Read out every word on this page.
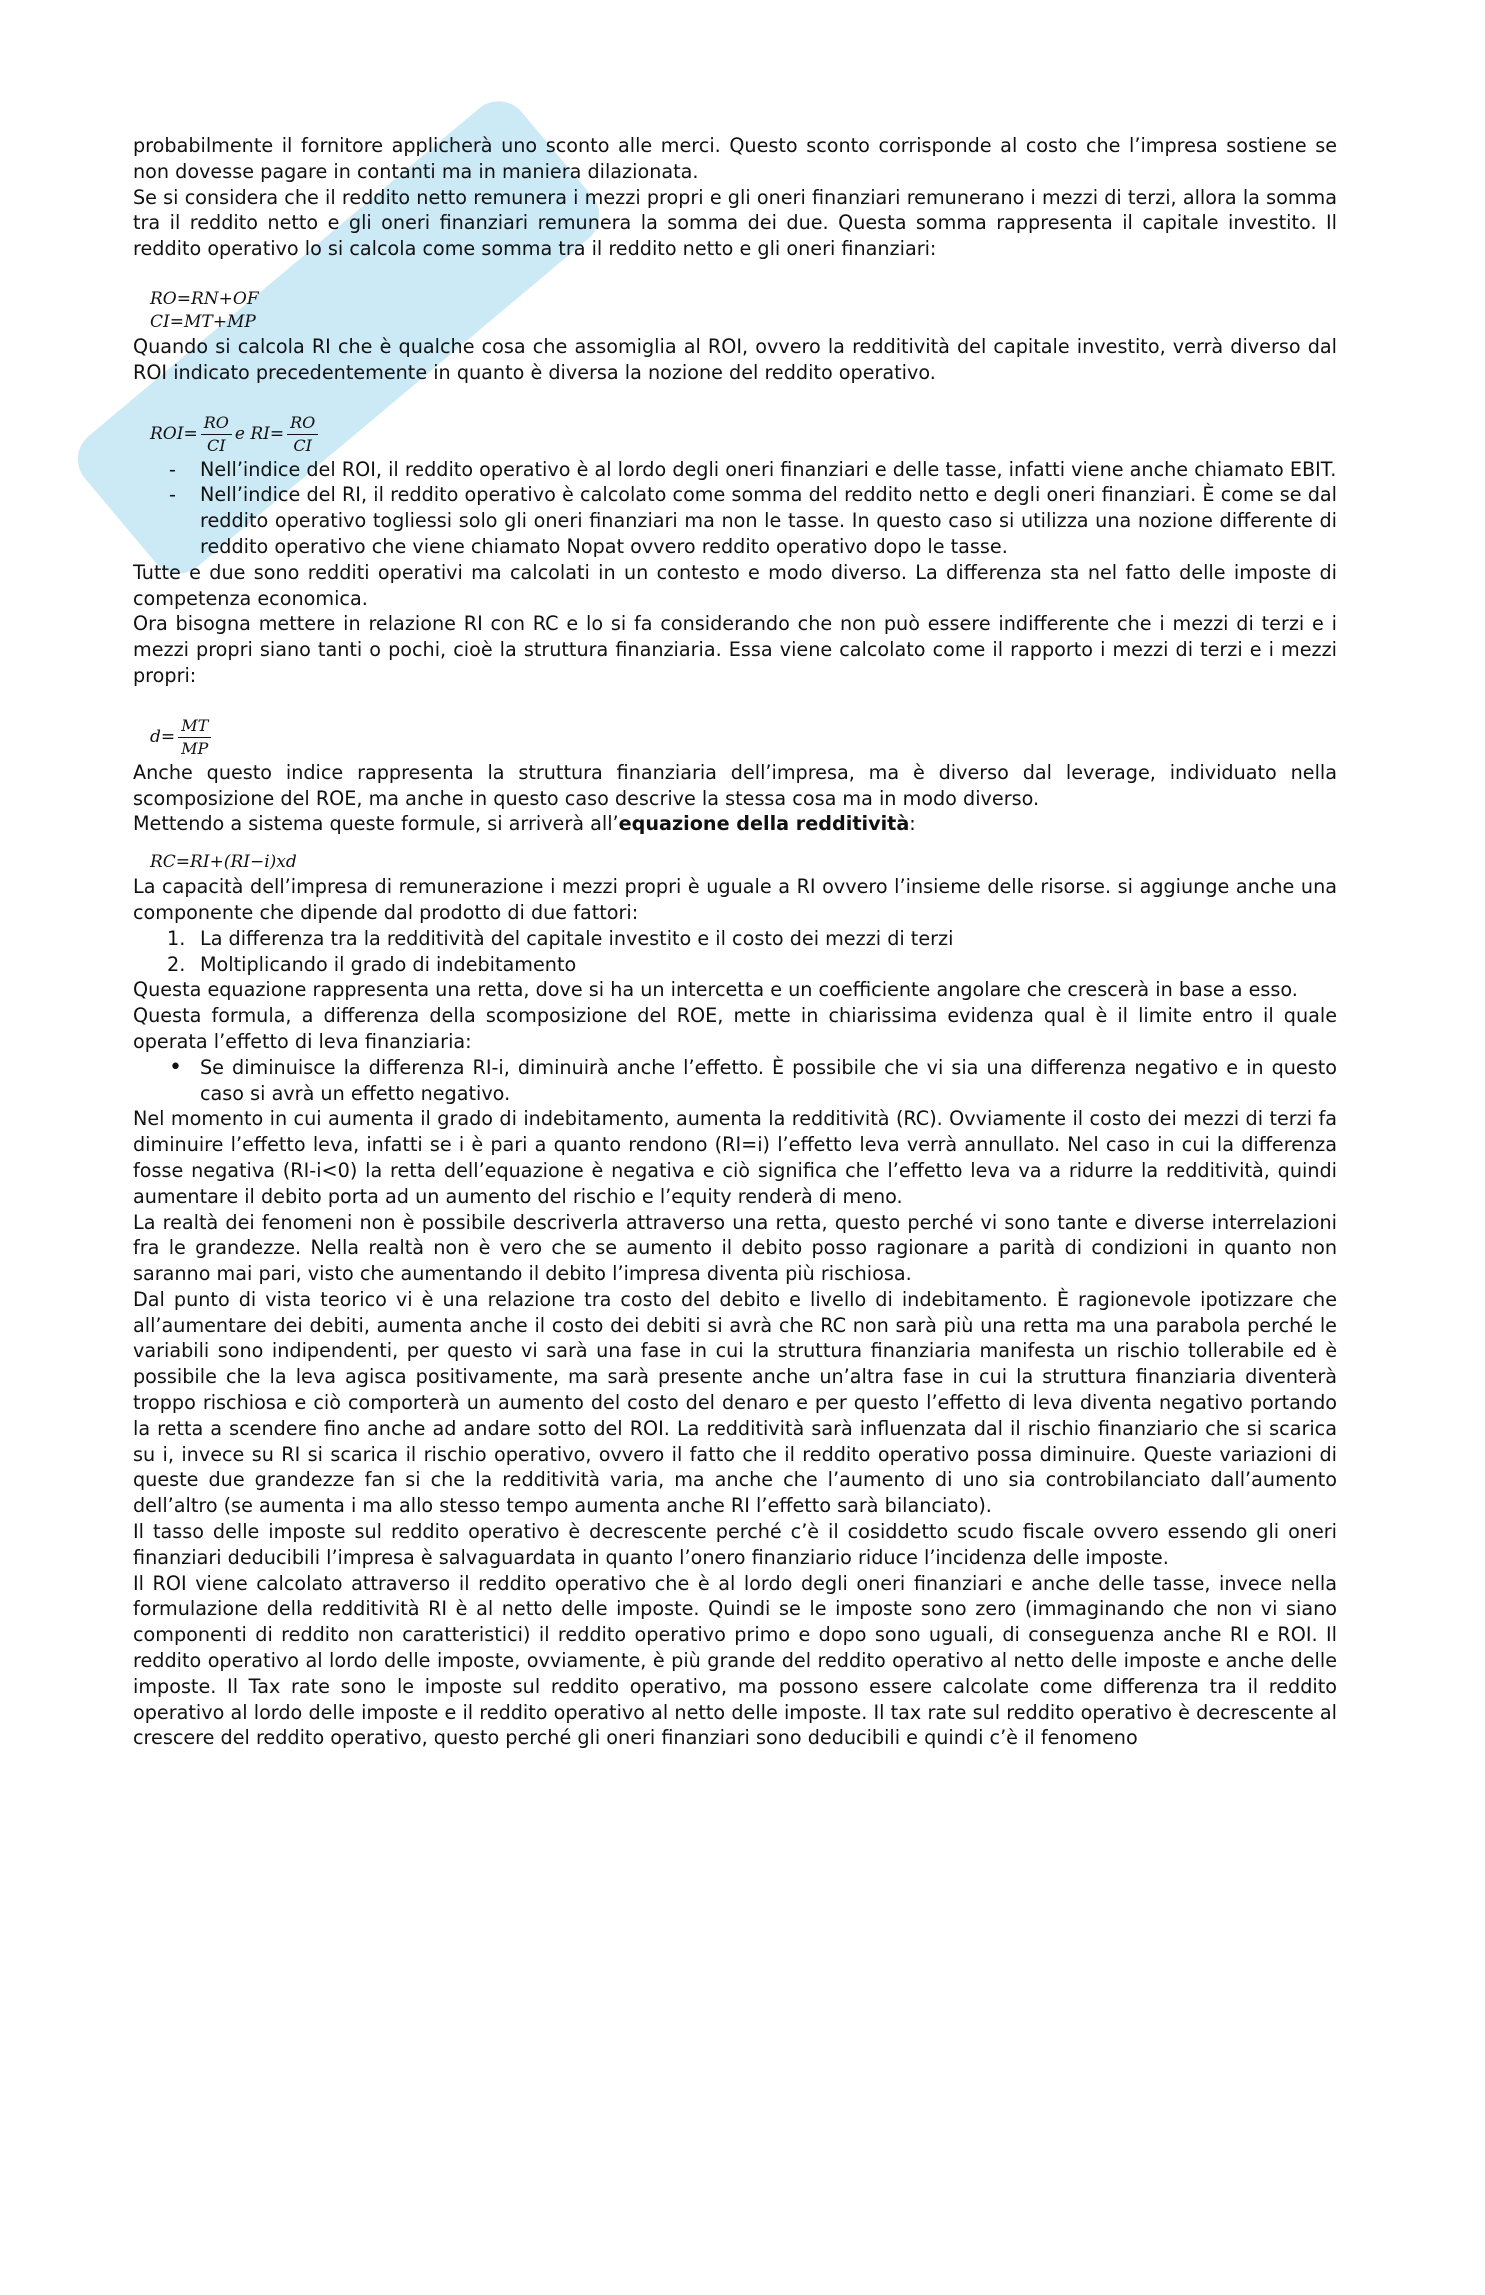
probabilmente il fornitore applicherà uno sconto alle merci. Questo sconto corrisponde al costo che l’impresa sostiene se non dovesse pagare in contanti ma in maniera dilazionata.

Se si considera che il reddito netto remunera i mezzi propri e gli oneri finanziari remunerano i mezzi di terzi, allora la somma tra il reddito netto e gli oneri finanziari remunera la somma dei due. Questa somma rappresenta il capitale investito. Il reddito operativo lo si calcola come somma tra il reddito netto e gli oneri finanziari:

RO=RN+OF

CI=MT+MP

Quando si calcola RI che è qualche cosa che assomiglia al ROI, ovvero la redditività del capitale investito, verrà diverso dal ROI indicato precedentemente in quanto è diversa la nozione del reddito operativo.

$ROI= \frac{RO}{CI}$ e $RI= \frac{RO}{CI}$

- Nell’indice del ROI, il reddito operativo è al lordo degli oneri finanziari e delle tasse, infatti viene anche chiamato EBIT.
- Nell’indice del RI, il reddito operativo è calcolato come somma del reddito netto e degli oneri finanziari. È come se dal reddito operativo togliessi solo gli oneri finanziari ma non le tasse. In questo caso si utilizza una nozione differente di reddito operativo che viene chiamato Nopat ovvero reddito operativo dopo le tasse.

Tutte e due sono redditi operativi ma calcolati in un contesto e modo diverso. La differenza sta nel fatto delle imposte di competenza economica.

Ora bisogna mettere in relazione RI con RC e lo si fa considerando che non può essere indifferente che i mezzi di terzi e i mezzi propri siano tanti o pochi, cioè la struttura finanziaria. Essa viene calcolato come il rapporto i mezzi di terzi e i mezzi propri:

$d= \frac{MT}{MP}$

Anche questo indice rappresenta la struttura finanziaria dell’impresa, ma è diverso dal leverage, individuato nella scomposizione del ROE, ma anche in questo caso descrive la stessa cosa ma in modo diverso.

Mettendo a sistema queste formule, si arriverà all’equazione della redditività:

RC=RI+(RI−i)xd

La capacità dell’impresa di remunerazione i mezzi propri è uguale a RI ovvero l’insieme delle risorse. si aggiunge anche una componente che dipende dal prodotto di due fattori:

1. La differenza tra la redditività del capitale investito e il costo dei mezzi di terzi
2. Moltiplicando il grado di indebitamento

Questa equazione rappresenta una retta, dove si ha un intercetta e un coefficiente angolare che crescerà in base a esso.

Questa formula, a differenza della scomposizione del ROE, mette in chiarissima evidenza qual è il limite entro il quale operata l’effetto di leva finanziaria:

• Se diminuisce la differenza RI-i, diminuirà anche l’effetto. È possibile che vi sia una differenza negativo e in questo caso si avrà un effetto negativo.

Nel momento in cui aumenta il grado di indebitamento, aumenta la redditività (RC). Ovviamente il costo dei mezzi di terzi fa diminuire l’effetto leva, infatti se i è pari a quanto rendono (RI=i) l’effetto leva verrà annullato. Nel caso in cui la differenza fosse negativa (RI-i<0) la retta dell’equazione è negativa e ciò significa che l’effetto leva va a ridurre la redditività, quindi aumentare il debito porta ad un aumento del rischio e l’equity renderà di meno.

La realtà dei fenomeni non è possibile descriverla attraverso una retta, questo perché vi sono tante e diverse interrelazioni fra le grandezze. Nella realtà non è vero che se aumento il debito posso ragionare a parità di condizioni in quanto non saranno mai pari, visto che aumentando il debito l’impresa diventa più rischiosa.

Dal punto di vista teorico vi è una relazione tra costo del debito e livello di indebitamento. È ragionevole ipotizzare che all’aumentare dei debiti, aumenta anche il costo dei debiti si avrà che RC non sarà più una retta ma una parabola perché le variabili sono indipendenti, per questo vi sarà una fase in cui la struttura finanziaria manifesta un rischio tollerabile ed è possibile che la leva agisca positivamente, ma sarà presente anche un’altra fase in cui la struttura finanziaria diventerà troppo rischiosa e ciò comporterà un aumento del costo del denaro e per questo l’effetto di leva diventa negativo portando la retta a scendere fino anche ad andare sotto del ROI. La redditività sarà influenzata dal il rischio finanziario che si scarica su i, invece su RI si scarica il rischio operativo, ovvero il fatto che il reddito operativo possa diminuire. Queste variazioni di queste due grandezze fan si che la redditività varia, ma anche che l’aumento di uno sia controbilanciato dall’aumento dell’altro (se aumenta i ma allo stesso tempo aumenta anche RI l’effetto sarà bilanciato).

Il tasso delle imposte sul reddito operativo è decrescente perché c’è il cosiddetto scudo fiscale ovvero essendo gli oneri finanziari deducibili l’impresa è salvaguardata in quanto l’onero finanziario riduce l’incidenza delle imposte.

Il ROI viene calcolato attraverso il reddito operativo che è al lordo degli oneri finanziari e anche delle tasse, invece nella formulazione della redditività RI è al netto delle imposte. Quindi se le imposte sono zero (immaginando che non vi siano componenti di reddito non caratteristici) il reddito operativo primo e dopo sono uguali, di conseguenza anche RI e ROI. Il reddito operativo al lordo delle imposte, ovviamente, è più grande del reddito operativo al netto delle imposte e anche delle imposte. Il Tax rate sono le imposte sul reddito operativo, ma possono essere calcolate come differenza tra il reddito operativo al lordo delle imposte e il reddito operativo al netto delle imposte. Il tax rate sul reddito operativo è decrescente al crescere del reddito operativo, questo perché gli oneri finanziari sono deducibili e quindi c’è il fenomeno
